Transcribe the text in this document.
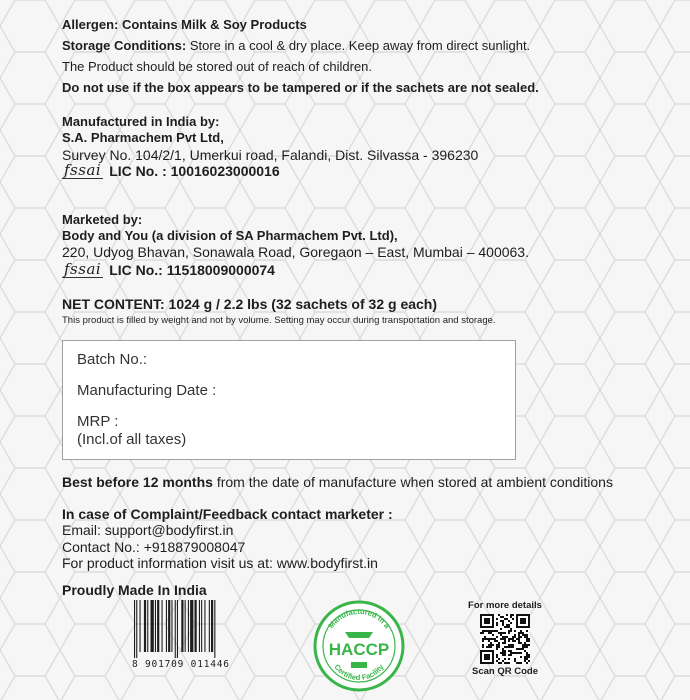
Allergen: Contains Milk & Soy Products
Storage Conditions: Store in a cool & dry place. Keep away from direct sunlight.
The Product should be stored out of reach of children.
Do not use if the box appears to be tampered or if the sachets are not sealed.
Manufactured in India by:
S.A. Pharmachem Pvt Ltd,
Survey No. 104/2/1, Umerkui road, Falandi, Dist. Silvassa - 396230
fssai LIC No. : 10016023000016
Marketed by:
Body and You (a division of SA Pharmachem Pvt. Ltd),
220, Udyog Bhavan, Sonawala Road, Goregaon – East, Mumbai – 400063.
fssai LIC No.: 11518009000074
NET CONTENT: 1024 g / 2.2 lbs (32 sachets of 32 g each)
This product is filled by weight and not by volume. Setting may occur during transportation and storage.
Batch No.:
Manufacturing Date :
MRP :
(Incl.of all taxes)
Best before 12 months from the date of manufacture when stored at ambient conditions
In case of Complaint/Feedback contact marketer :
Email: support@bodyfirst.in
Contact No.: +918879008047
For product information visit us at: www.bodyfirst.in
Proudly Made In India
8 901709 011446
Manufactured in a
Certified Facility
HACCP
For more details
Scan QR Code
